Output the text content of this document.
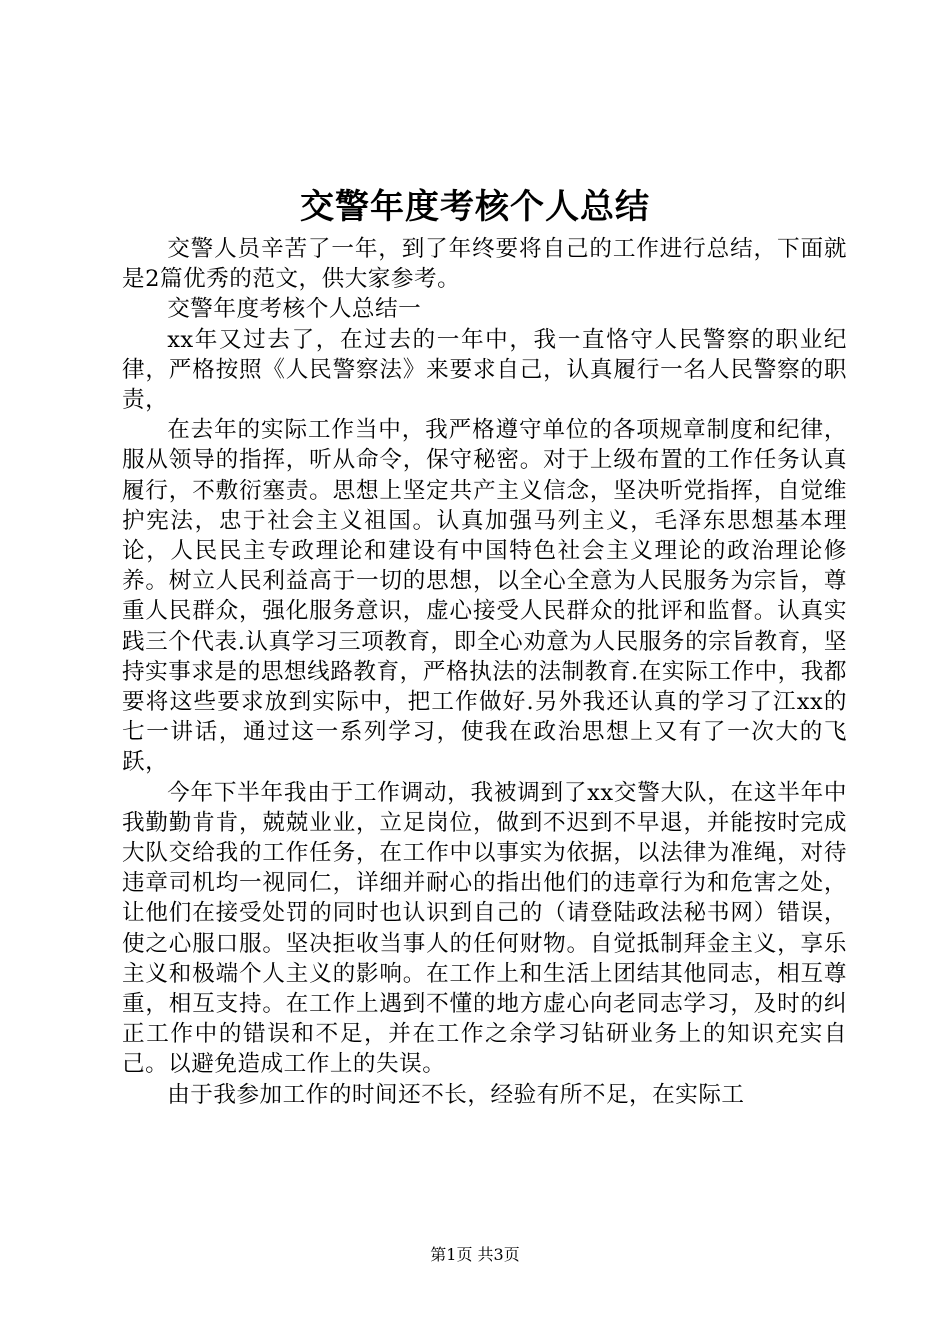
交警年度考核个人总结

交警人员辛苦了一年，到了年终要将自己的工作进行总结，下面就是2篇优秀的范文，供大家参考。

交警年度考核个人总结一

xx年又过去了，在过去的一年中，我一直恪守人民警察的职业纪律，严格按照《人民警察法》来要求自己，认真履行一名人民警察的职责，

在去年的实际工作当中，我严格遵守单位的各项规章制度和纪律，服从领导的指挥，听从命令，保守秘密。对于上级布置的工作任务认真履行，不敷衍塞责。思想上坚定共产主义信念，坚决听党指挥，自觉维护宪法，忠于社会主义祖国。认真加强马列主义，毛泽东思想基本理论，人民民主专政理论和建设有中国特色社会主义理论的政治理论修养。树立人民利益高于一切的思想，以全心全意为人民服务为宗旨，尊重人民群众，强化服务意识，虚心接受人民群众的批评和监督。认真实践三个代表.认真学习三项教育，即全心劝意为人民服务的宗旨教育，坚持实事求是的思想线路教育，严格执法的法制教育.在实际工作中，我都要将这些要求放到实际中，把工作做好.另外我还认真的学习了江xx的七一讲话，通过这一系列学习，使我在政治思想上又有了一次大的飞跃，

今年下半年我由于工作调动，我被调到了xx交警大队，在这半年中我勤勤肯肯，兢兢业业，立足岗位，做到不迟到不早退，并能按时完成大队交给我的工作任务，在工作中以事实为依据，以法律为准绳，对待违章司机均一视同仁，详细并耐心的指出他们的违章行为和危害之处，让他们在接受处罚的同时也认识到自己的（请登陆政法秘书网）错误，使之心服口服。坚决拒收当事人的任何财物。自觉抵制拜金主义，享乐主义和极端个人主义的影响。在工作上和生活上团结其他同志，相互尊重，相互支持。在工作上遇到不懂的地方虚心向老同志学习，及时的纠正工作中的错误和不足，并在工作之余学习钻研业务上的知识充实自己。以避免造成工作上的失误。

由于我参加工作的时间还不长，经验有所不足，在实际工

第1页 共3页
